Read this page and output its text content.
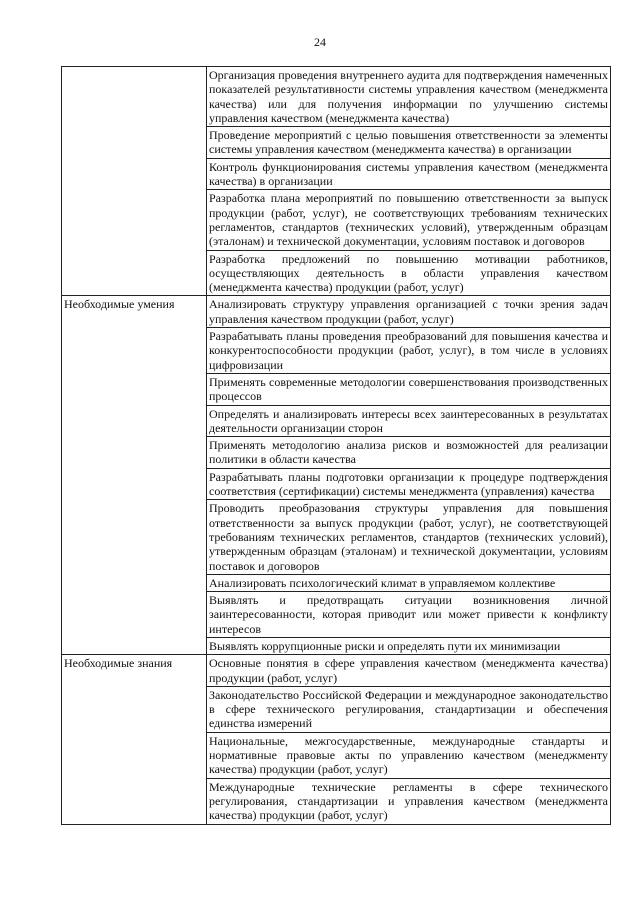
24
	Организация проведения внутреннего аудита для подтверждения намеченных показателей результативности системы управления качеством (менеджмента качества) или для получения информации по улучшению системы управления качеством (менеджмента качества)
	Проведение мероприятий с целью повышения ответственности за элементы системы управления качеством (менеджмента качества) в организации
	Контроль функционирования системы управления качеством (менеджмента качества) в организации
	Разработка плана мероприятий по повышению ответственности за выпуск продукции (работ, услуг), не соответствующих требованиям технических регламентов, стандартов (технических условий), утвержденным образцам (эталонам) и технической документации, условиям поставок и договоров
	Разработка предложений по повышению мотивации работников, осуществляющих деятельность в области управления качеством (менеджмента качества) продукции (работ, услуг)
Необходимые умения	Анализировать структуру управления организацией с точки зрения задач управления качеством продукции (работ, услуг)
	Разрабатывать планы проведения преобразований для повышения качества и конкурентоспособности продукции (работ, услуг), в том числе в условиях цифровизации
	Применять современные методологии совершенствования производственных процессов
	Определять и анализировать интересы всех заинтересованных в результатах деятельности организации сторон
	Применять методологию анализа рисков и возможностей для реализации политики в области качества
	Разрабатывать планы подготовки организации к процедуре подтверждения соответствия (сертификации) системы менеджмента (управления) качества
	Проводить преобразования структуры управления для повышения ответственности за выпуск продукции (работ, услуг), не соответствующей требованиям технических регламентов, стандартов (технических условий), утвержденным образцам (эталонам) и технической документации, условиям поставок и договоров
	Анализировать психологический климат в управляемом коллективе
	Выявлять и предотвращать ситуации возникновения личной заинтересованности, которая приводит или может привести к конфликту интересов
	Выявлять коррупционные риски и определять пути их минимизации
Необходимые знания	Основные понятия в сфере управления качеством (менеджмента качества) продукции (работ, услуг)
	Законодательство Российской Федерации и международное законодательство в сфере технического регулирования, стандартизации и обеспечения единства измерений
	Национальные, межгосударственные, международные стандарты и нормативные правовые акты по управлению качеством (менеджменту качества) продукции (работ, услуг)
	Международные технические регламенты в сфере технического регулирования, стандартизации и управления качеством (менеджмента качества) продукции (работ, услуг)
